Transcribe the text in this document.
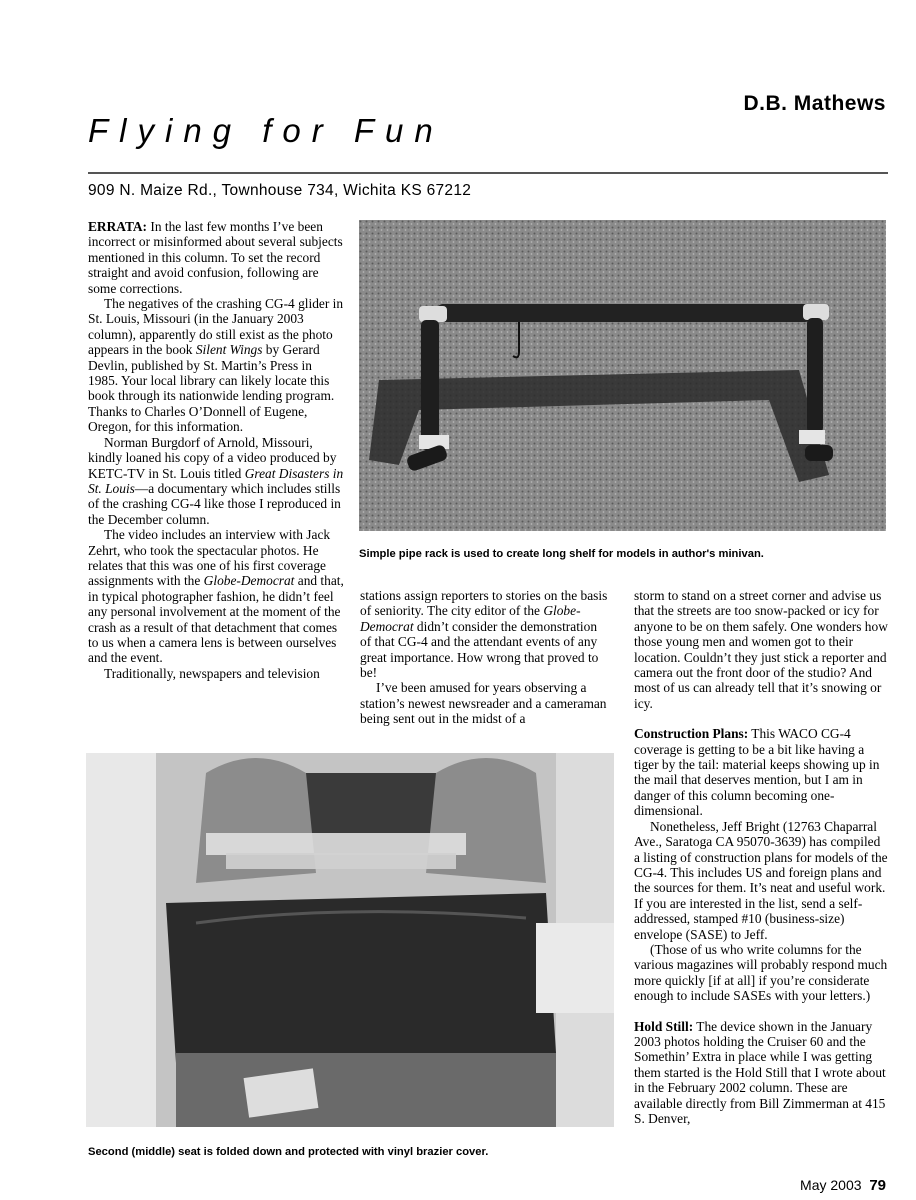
D.B. Mathews
Flying for Fun
909 N. Maize Rd., Townhouse 734, Wichita KS 67212

ERRATA: In the last few months I’ve been incorrect or misinformed about several subjects mentioned in this column. To set the record straight and avoid confusion, following are some corrections.

The negatives of the crashing CG-4 glider in St. Louis, Missouri (in the January 2003 column), apparently do still exist as the photo appears in the book Silent Wings by Gerard Devlin, published by St. Martin’s Press in 1985. Your local library can likely locate this book through its nationwide lending program. Thanks to Charles O’Donnell of Eugene, Oregon, for this information.

Norman Burgdorf of Arnold, Missouri, kindly loaned his copy of a video produced by KETC-TV in St. Louis titled Great Disasters in St. Louis—a documentary which includes stills of the crashing CG-4 like those I reproduced in the December column.

The video includes an interview with Jack Zehrt, who took the spectacular photos. He relates that this was one of his first coverage assignments with the Globe-Democrat and that, in typical photographer fashion, he didn’t feel any personal involvement at the moment of the crash as a result of that detachment that comes to us when a camera lens is between ourselves and the event.

Traditionally, newspapers and television

Simple pipe rack is used to create long shelf for models in author's minivan.

stations assign reporters to stories on the basis of seniority. The city editor of the Globe-Democrat didn’t consider the demonstration of that CG-4 and the attendant events of any great importance. How wrong that proved to be!

I’ve been amused for years observing a station’s newest newsreader and a cameraman being sent out in the midst of a

storm to stand on a street corner and advise us that the streets are too snow-packed or icy for anyone to be on them safely. One wonders how those young men and women got to their location. Couldn’t they just stick a reporter and camera out the front door of the studio? And most of us can already tell that it’s snowing or icy.

Construction Plans: This WACO CG-4 coverage is getting to be a bit like having a tiger by the tail: material keeps showing up in the mail that deserves mention, but I am in danger of this column becoming one-dimensional.

Nonetheless, Jeff Bright (12763 Chaparral Ave., Saratoga CA 95070-3639) has compiled a listing of construction plans for models of the CG-4. This includes US and foreign plans and the sources for them. It’s neat and useful work. If you are interested in the list, send a self-addressed, stamped #10 (business-size) envelope (SASE) to Jeff.

(Those of us who write columns for the various magazines will probably respond much more quickly [if at all] if you’re considerate enough to include SASEs with your letters.)

Hold Still: The device shown in the January 2003 photos holding the Cruiser 60 and the Somethin’ Extra in place while I was getting them started is the Hold Still that I wrote about in the February 2002 column. These are available directly from Bill Zimmerman at 415 S. Denver,

Second (middle) seat is folded down and protected with vinyl brazier cover.
May 2003 79
